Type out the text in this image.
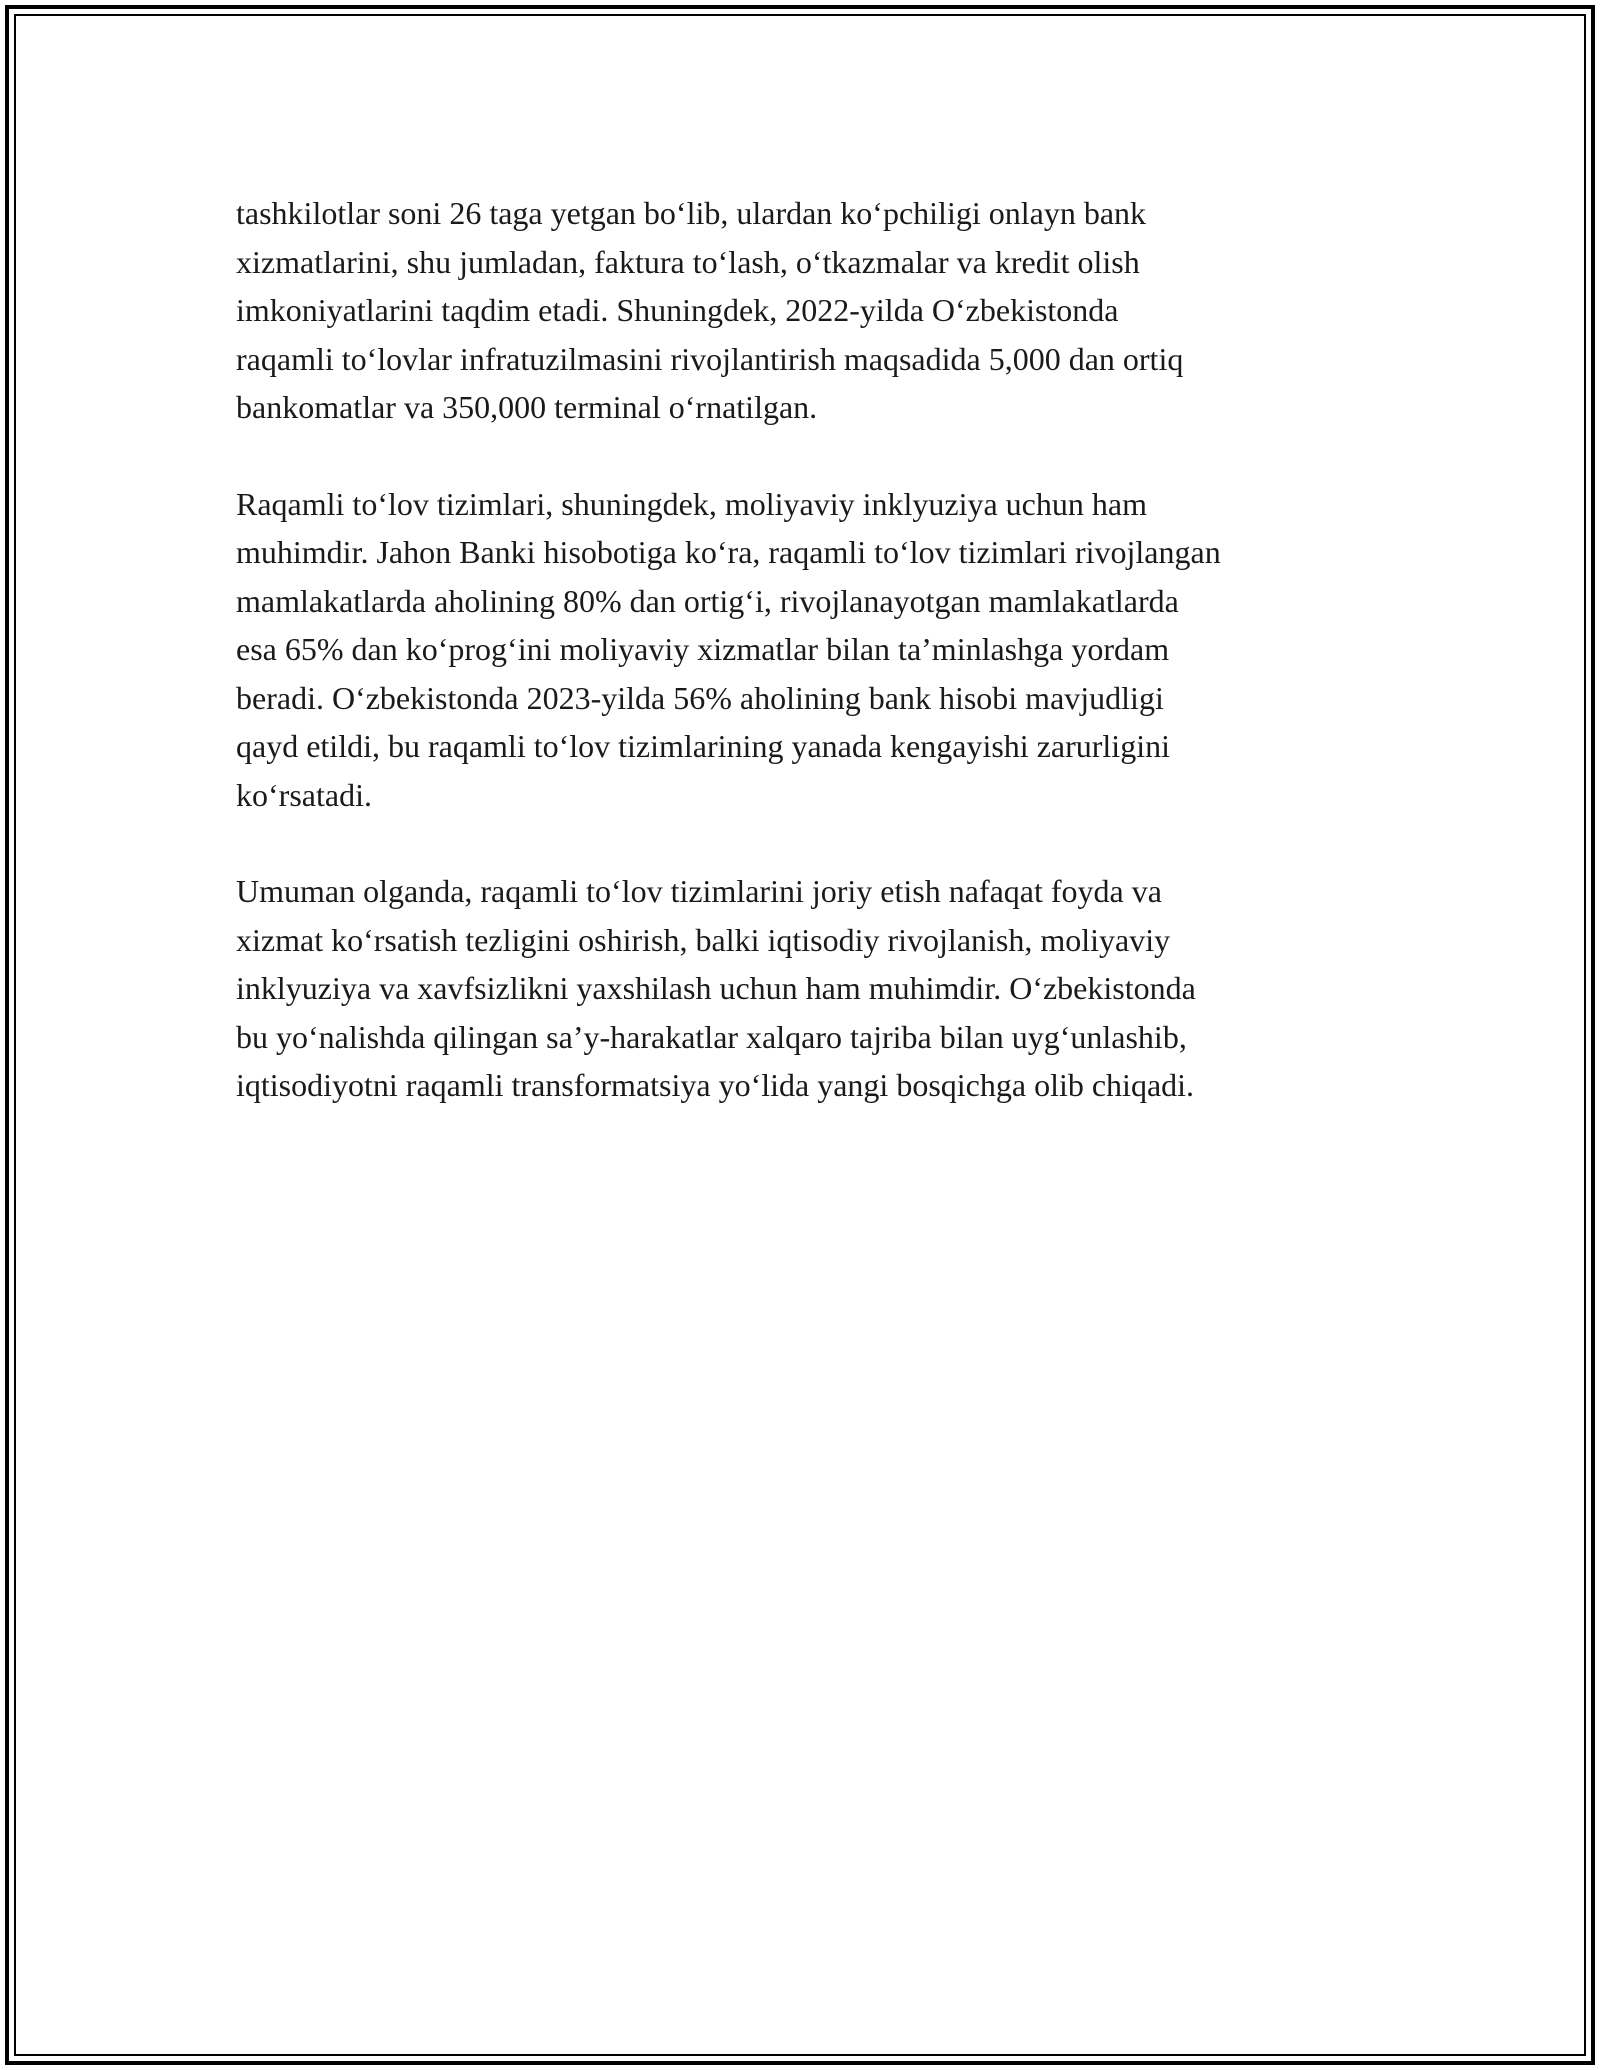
tashkilotlar soni 26 taga yetgan bo‘lib, ulardan ko‘pchiligi onlayn bank
xizmatlarini, shu jumladan, faktura to‘lash, o‘tkazmalar va kredit olish
imkoniyatlarini taqdim etadi. Shuningdek, 2022-yilda O‘zbekistonda
raqamli to‘lovlar infratuzilmasini rivojlantirish maqsadida 5,000 dan ortiq
bankomatlar va 350,000 terminal o‘rnatilgan.

Raqamli to‘lov tizimlari, shuningdek, moliyaviy inklyuziya uchun ham
muhimdir. Jahon Banki hisobotiga ko‘ra, raqamli to‘lov tizimlari rivojlangan
mamlakatlarda aholining 80% dan ortig‘i, rivojlanayotgan mamlakatlarda
esa 65% dan ko‘prog‘ini moliyaviy xizmatlar bilan ta’minlashga yordam
beradi. O‘zbekistonda 2023-yilda 56% aholining bank hisobi mavjudligi
qayd etildi, bu raqamli to‘lov tizimlarining yanada kengayishi zarurligini
ko‘rsatadi.

Umuman olganda, raqamli to‘lov tizimlarini joriy etish nafaqat foyda va
xizmat ko‘rsatish tezligini oshirish, balki iqtisodiy rivojlanish, moliyaviy
inklyuziya va xavfsizlikni yaxshilash uchun ham muhimdir. O‘zbekistonda
bu yo‘nalishda qilingan sa’y-harakatlar xalqaro tajriba bilan uyg‘unlashib,
iqtisodiyotni raqamli transformatsiya yo‘lida yangi bosqichga olib chiqadi.
